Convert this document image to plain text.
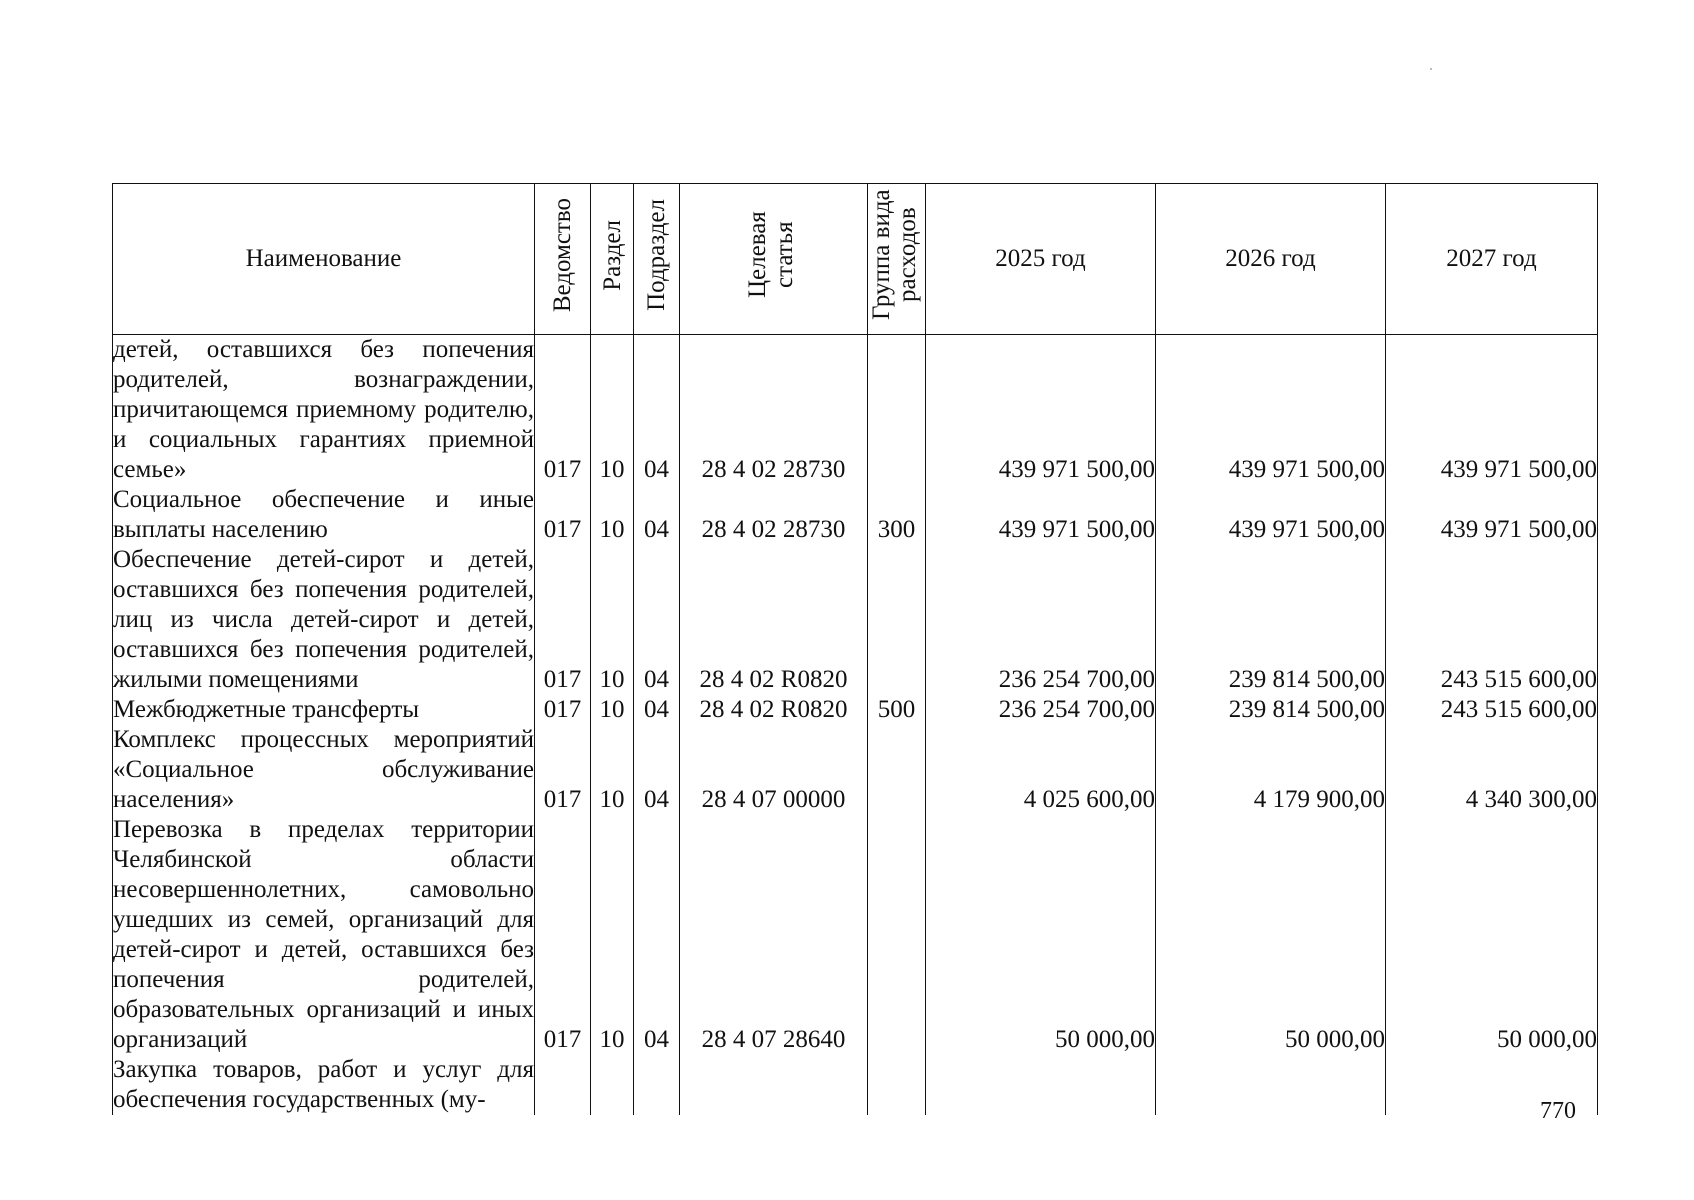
Наименование	Ведомство	Раздел	Подраздел	Целевая статья	Группа вида расходов	2025 год	2026 год	2027 год
детей, оставшихся без попечения родителей, вознаграждении, причитающемся приемному родителю, и социальных гарантиях приемной семье»	017	10	04	28 4 02 28730		439 971 500,00	439 971 500,00	439 971 500,00
Социальное обеспечение и иные выплаты населению	017	10	04	28 4 02 28730	300	439 971 500,00	439 971 500,00	439 971 500,00
Обеспечение детей-сирот и детей, оставшихся без попечения родителей, лиц из числа детей-сирот и детей, оставшихся без попечения родителей, жилыми помещениями	017	10	04	28 4 02 R0820		236 254 700,00	239 814 500,00	243 515 600,00
Межбюджетные трансферты	017	10	04	28 4 02 R0820	500	236 254 700,00	239 814 500,00	243 515 600,00
Комплекс процессных мероприятий «Социальное обслуживание населения»	017	10	04	28 4 07 00000		4 025 600,00	4 179 900,00	4 340 300,00
Перевозка в пределах территории Челябинской области несовершеннолетних, самовольно ушедших из семей, организаций для детей-сирот и детей, оставшихся без попечения родителей, образовательных организаций и иных организаций	017	10	04	28 4 07 28640		50 000,00	50 000,00	50 000,00
Закупка товаров, работ и услуг для обеспечения государственных (му-									770
